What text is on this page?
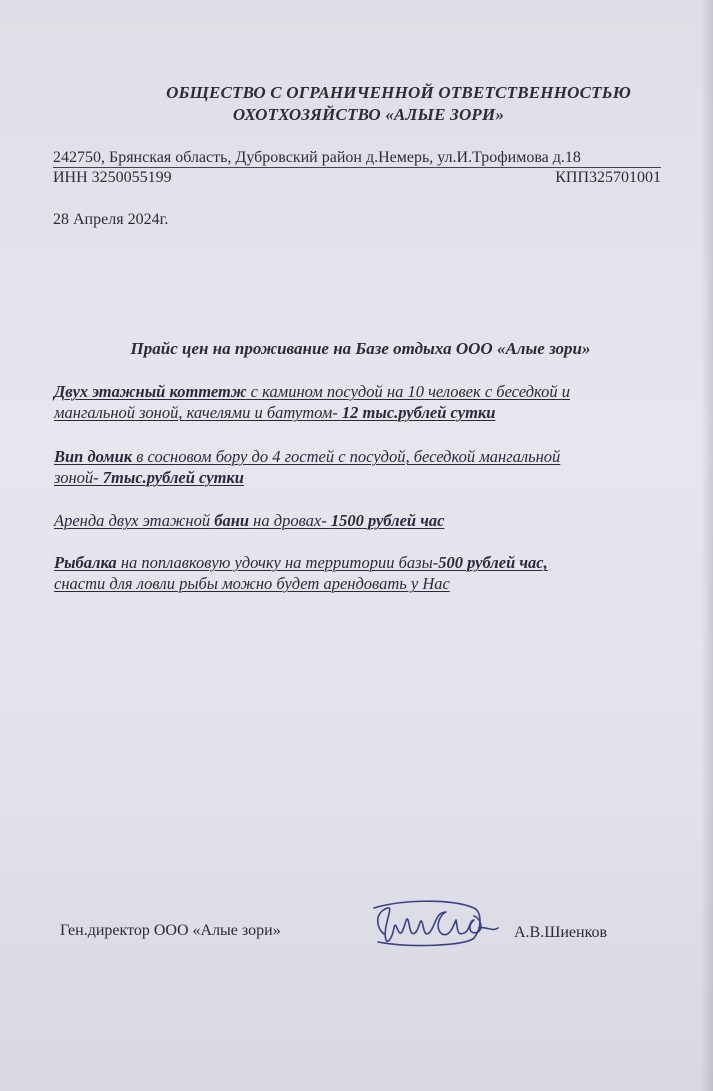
ОБЩЕСТВО С ОГРАНИЧЕННОЙ ОТВЕТСТВЕННОСТЬЮ
ОХОТХОЗЯЙСТВО «АЛЫЕ ЗОРИ»
242750, Брянская область, Дубровский район д.Немерь, ул.И.Трофимова д.18
ИНН 3250055199	КПП325701001
28 Апреля 2024г.
Прайс цен на проживание на Базе отдыха ООО «Алые зори»
Двух этажный коттетж с камином посудой на 10 человек с беседкой и
мангальной зоной, качелями и батутом- 12 тыс.рублей сутки
Вип домик в сосновом бору до 4 гостей с посудой, беседкой мангальной
зоной- 7тыс.рублей сутки
Аренда двух этажной бани на дровах- 1500 рублей час
Рыбалка на поплавковую удочку на территории базы-500 рублей час,
снасти для ловли рыбы можно будет арендовать у Нас
Ген.директор ООО «Алые зори»	А.В.Шиенков
